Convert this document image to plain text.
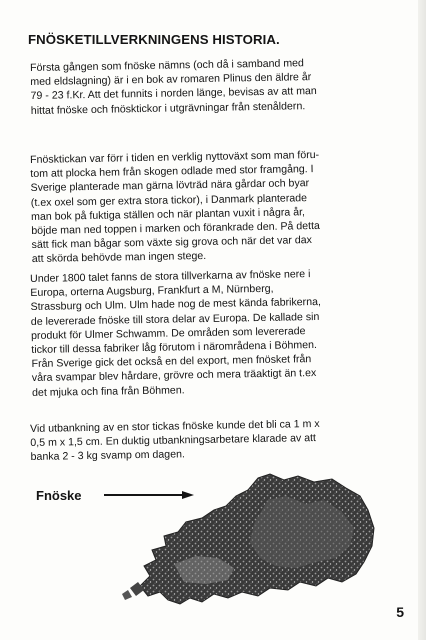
FNÖSKETILLVERKNINGENS HISTORIA.

Första gången som fnöske nämns (och då i samband med
med eldslagning) är i en bok av romaren Plinus den äldre år
79 - 23 f.Kr. Att det funnits i norden länge, bevisas av att man
hittat fnöske och fnösktickor i utgrävningar från stenåldern.

Fnösktickan var förr i tiden en verklig nyttoväxt som man föru-
tom att plocka hem från skogen odlade med stor framgång. I
Sverige planterade man gärna lövträd nära gårdar och byar
(t.ex oxel som ger extra stora tickor), i Danmark planterade
man bok på fuktiga ställen och när plantan vuxit i några år,
böjde man ned toppen i marken och förankrade den. På detta
sätt fick man bågar som växte sig grova och när det var dax
att skörda behövde man ingen stege.

Under 1800 talet fanns de stora tillverkarna av fnöske nere i
Europa, orterna Augsburg, Frankfurt a M, Nürnberg,
Strassburg och Ulm. Ulm hade nog de mest kända fabrikerna,
de levererade fnöske till stora delar av Europa. De kallade sin
produkt för Ulmer Schwamm. De områden som levererade
tickor till dessa fabriker låg förutom i närområdena i Böhmen.
Från Sverige gick det också en del export, men fnösket från
våra svampar blev hårdare, grövre och mera träaktigt än t.ex
det mjuka och fina från Böhmen.

Vid utbankning av en stor tickas fnöske kunde det bli ca 1 m x
0,5 m x 1,5 cm. En duktig utbankningsarbetare klarade av att
banka 2 - 3 kg svamp om dagen.

Fnöske
5
